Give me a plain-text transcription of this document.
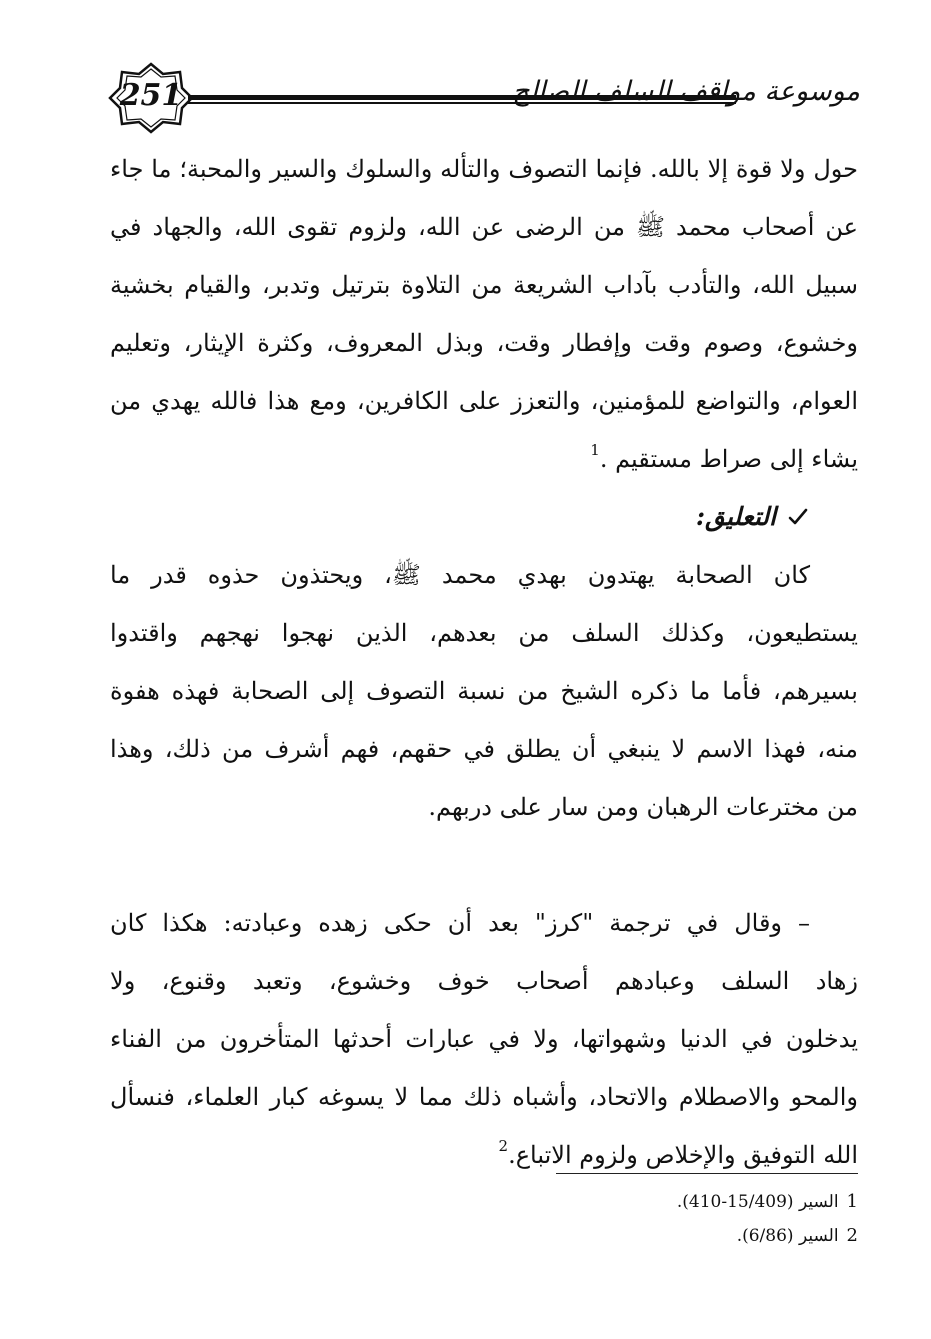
251	موسوعة مواقف السلف الصالح
حول ولا قوة إلا بالله. فإنما التصوف والتأله والسلوك والسير والمحبة؛ ما جاء
عن أصحاب محمد ﷺ من الرضى عن الله، ولزوم تقوى الله، والجهاد في
سبيل الله، والتأدب بآداب الشريعة من التلاوة بترتيل وتدبر، والقيام بخشية
وخشوع، وصوم وقت وإفطار وقت، وبذل المعروف، وكثرة الإيثار، وتعليم
العوام، والتواضع للمؤمنين، والتعزز على الكافرين، ومع هذا فالله يهدي من
يشاء إلى صراط مستقيم .$^1$
التعليق:
كان الصحابة يهتدون بهدي محمد ﷺ، ويحتذون حذوه قدر ما
يستطيعون، وكذلك السلف من بعدهم، الذين نهجوا نهجهم واقتدوا
بسيرهم، فأما ما ذكره الشيخ من نسبة التصوف إلى الصحابة فهذه هفوة
منه، فهذا الاسم لا ينبغي أن يطلق في حقهم، فهم أشرف من ذلك، وهذا
من مخترعات الرهبان ومن سار على دربهم.
– وقال في ترجمة "كرز" بعد أن حكى زهده وعبادته: هكذا كان
زهاد السلف وعبادهم أصحاب خوف وخشوع، وتعبد وقنوع، ولا
يدخلون في الدنيا وشهواتها، ولا في عبارات أحدثها المتأخرون من الفناء
والمحو والاصطلام والاتحاد، وأشباه ذلك مما لا يسوغه كبار العلماء، فنسأل
الله التوفيق والإخلاص ولزوم الاتباع.$^2$
1السير (15/409-410).
2السير (6/86).
